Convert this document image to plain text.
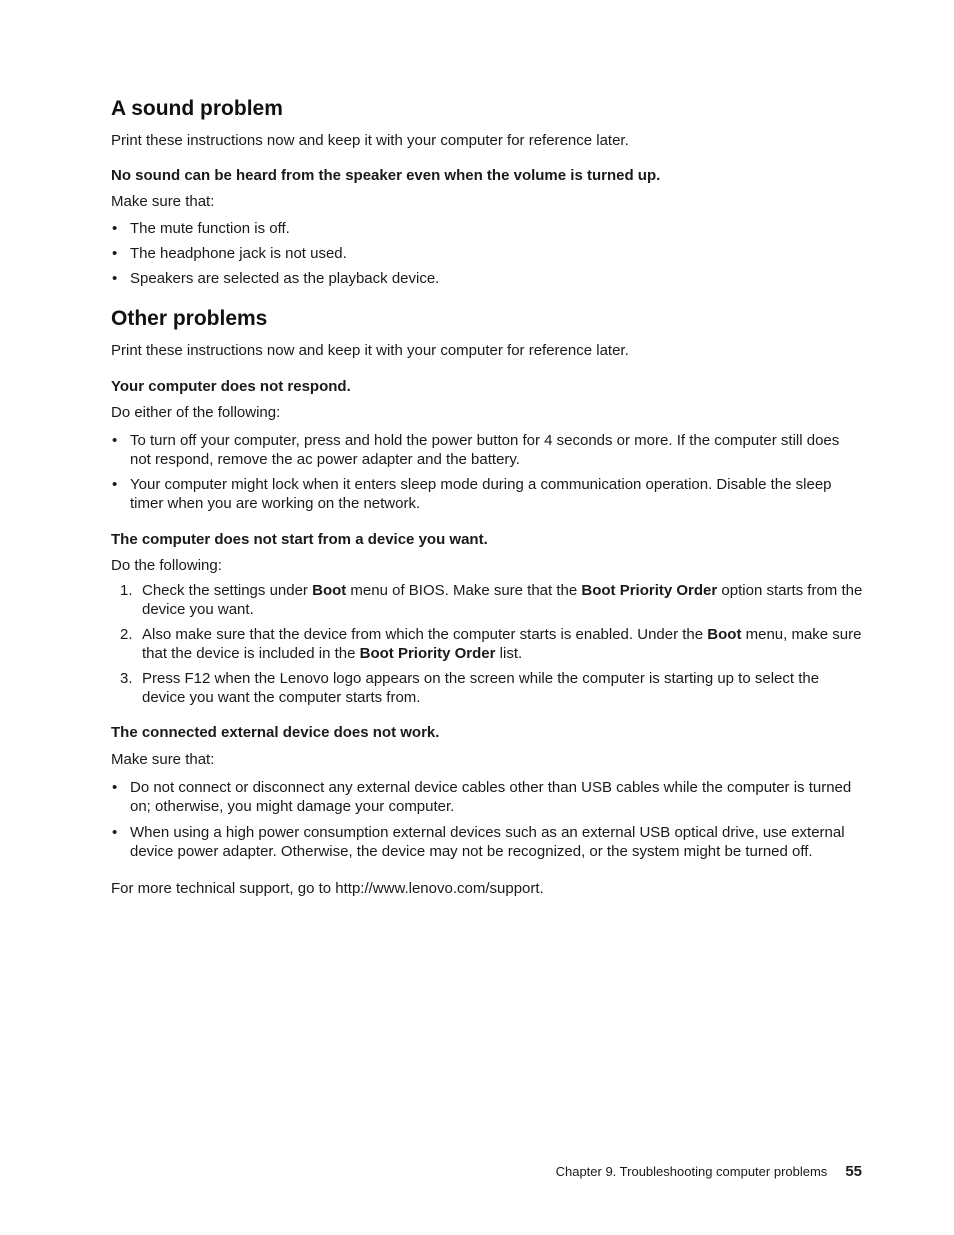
A sound problem

Print these instructions now and keep it with your computer for reference later.

No sound can be heard from the speaker even when the volume is turned up.

Make sure that:

• The mute function is off.
• The headphone jack is not used.
• Speakers are selected as the playback device.
Other problems

Print these instructions now and keep it with your computer for reference later.

Your computer does not respond.

Do either of the following:

• To turn off your computer, press and hold the power button for 4 seconds or more. If the computer still does not respond, remove the ac power adapter and the battery.
• Your computer might lock when it enters sleep mode during a communication operation. Disable the sleep timer when you are working on the network.

The computer does not start from a device you want.

Do the following:

1. Check the settings under Boot menu of BIOS. Make sure that the Boot Priority Order option starts from the device you want.
2. Also make sure that the device from which the computer starts is enabled. Under the Boot menu, make sure that the device is included in the Boot Priority Order list.
3. Press F12 when the Lenovo logo appears on the screen while the computer is starting up to select the device you want the computer starts from.

The connected external device does not work.

Make sure that:

• Do not connect or disconnect any external device cables other than USB cables while the computer is turned on; otherwise, you might damage your computer.
• When using a high power consumption external devices such as an external USB optical drive, use external device power adapter. Otherwise, the device may not be recognized, or the system might be turned off.

For more technical support, go to http://www.lenovo.com/support.

Chapter 9. Troubleshooting computer problems 55
